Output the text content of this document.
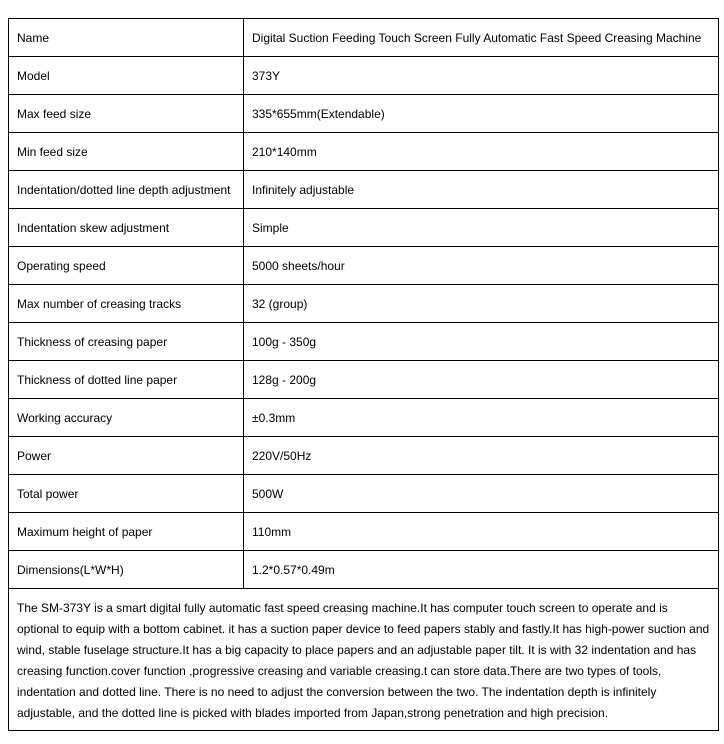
Name	Digital Suction Feeding Touch Screen Fully Automatic Fast Speed Creasing Machine
Model	373Y
Max feed size	335*655mm(Extendable)
Min feed size	210*140mm
Indentation/dotted line depth adjustment	Infinitely adjustable
Indentation skew adjustment	Simple
Operating speed	5000 sheets/hour
Max number of creasing tracks	32 (group)
Thickness of creasing paper	100g - 350g
Thickness of dotted line paper	128g - 200g
Working accuracy	±0.3mm
Power	220V/50Hz
Total power	500W
Maximum height of paper	110mm
Dimensions(L*W*H)	1.2*0.57*0.49m
The SM-373Y is a smart digital fully automatic fast speed creasing machine.It has computer touch screen to operate and is optional to equip with a bottom cabinet. it has a suction paper device to feed papers stably and fastly.It has high-power suction and wind, stable fuselage structure.It has a big capacity to place papers and an adjustable paper tilt. It is with 32 indentation and has creasing function.cover function ,progressive creasing and variable creasing.t can store data.There are two types of tools, indentation and dotted line. There is no need to adjust the conversion between the two. The indentation depth is infinitely adjustable, and the dotted line is picked with blades imported from Japan,strong penetration and high precision.	
